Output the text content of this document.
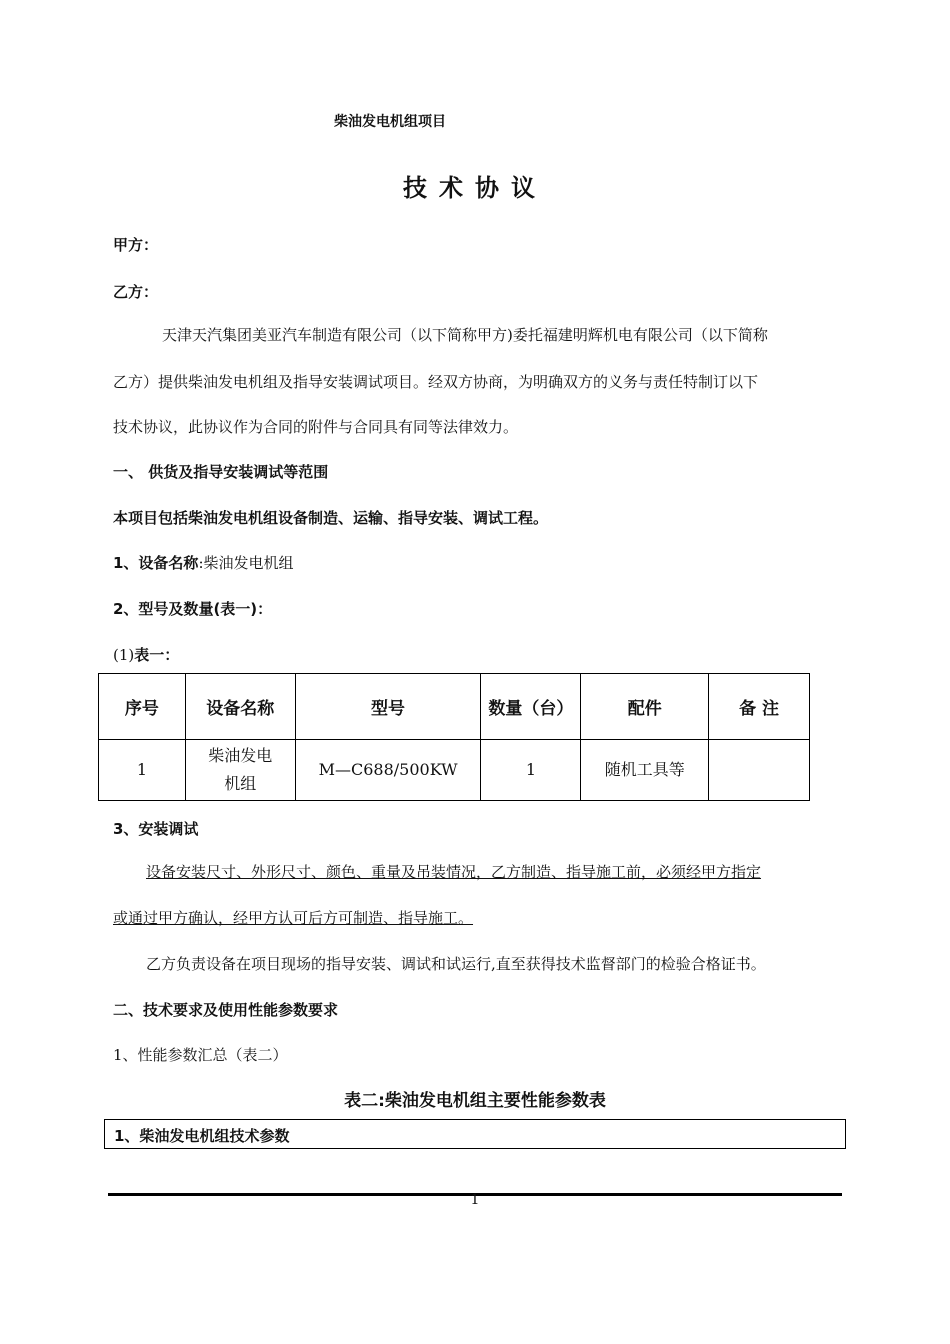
柴油发电机组项目
技术协议
甲方：
乙方：
天津天汽集团美亚汽车制造有限公司（以下简称甲方)委托福建明辉机电有限公司（以下简称
乙方）提供柴油发电机组及指导安装调试项目。经双方协商，为明确双方的义务与责任特制订以下
技术协议，此协议作为合同的附件与合同具有同等法律效力。
一、 供货及指导安装调试等范围
本项目包括柴油发电机组设备制造、运输、指导安装、调试工程。
1、设备名称:柴油发电机组
2、型号及数量(表一)：
(1)表一：
序号	设备名称	型号	数量（台）	配件	备 注
1	柴油发电
机组	M—C688/500KW	1	随机工具等	
3、安装调试
设备安装尺寸、外形尺寸、颜色、重量及吊装情况，乙方制造、指导施工前，必须经甲方指定
或通过甲方确认，经甲方认可后方可制造、指导施工。
乙方负责设备在项目现场的指导安装、调试和试运行,直至获得技术监督部门的检验合格证书。
二、技术要求及使用性能参数要求
1、性能参数汇总（表二）
表二:柴油发电机组主要性能参数表
1、柴油发电机组技术参数
1
